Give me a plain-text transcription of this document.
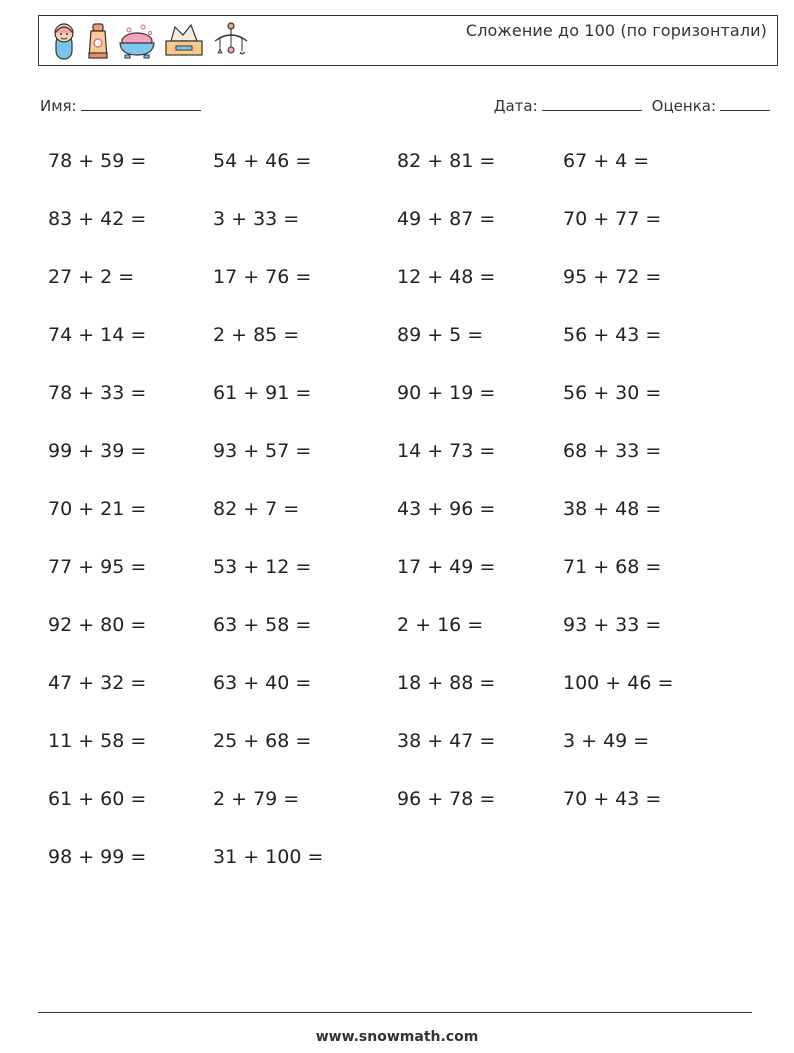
Сложение до 100 (по горизонтали)
Имя:	Дата:	Оценка:
78 + 59 =	54 + 46 =	82 + 81 =	67 + 4 =
83 + 42 =	3 + 33 =	49 + 87 =	70 + 77 =
27 + 2 =	17 + 76 =	12 + 48 =	95 + 72 =
74 + 14 =	2 + 85 =	89 + 5 =	56 + 43 =
78 + 33 =	61 + 91 =	90 + 19 =	56 + 30 =
99 + 39 =	93 + 57 =	14 + 73 =	68 + 33 =
70 + 21 =	82 + 7 =	43 + 96 =	38 + 48 =
77 + 95 =	53 + 12 =	17 + 49 =	71 + 68 =
92 + 80 =	63 + 58 =	2 + 16 =	93 + 33 =
47 + 32 =	63 + 40 =	18 + 88 =	100 + 46 =
11 + 58 =	25 + 68 =	38 + 47 =	3 + 49 =
61 + 60 =	2 + 79 =	96 + 78 =	70 + 43 =
98 + 99 =	31 + 100 =
www.snowmath.com
